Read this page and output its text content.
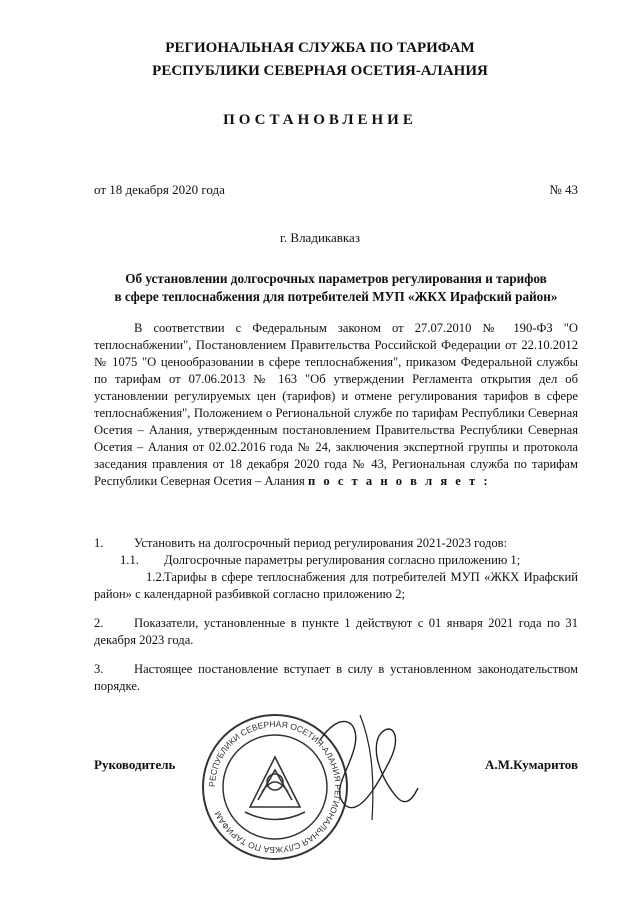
РЕГИОНАЛЬНАЯ СЛУЖБА ПО ТАРИФАМ
РЕСПУБЛИКИ СЕВЕРНАЯ ОСЕТИЯ-АЛАНИЯ
ПОСТАНОВЛЕНИЕ
от 18 декабря 2020 года	№ 43
г. Владикавказ
Об установлении долгосрочных параметров регулирования и тарифов
в сфере теплоснабжения для потребителей МУП «ЖКХ Ирафский район»
В соответствии с Федеральным законом от 27.07.2010 № 190-ФЗ "О теплоснабжении", Постановлением Правительства Российской Федерации от 22.10.2012 № 1075 "О ценообразовании в сфере теплоснабжения", приказом Федеральной службы по тарифам от 07.06.2013 № 163 "Об утверждении Регламента открытия дел об установлении регулируемых цен (тарифов) и отмене регулирования тарифов в сфере теплоснабжения", Положением о Региональной службе по тарифам Республики Северная Осетия – Алания, утвержденным постановлением Правительства Республики Северная Осетия – Алания от 02.02.2016 года № 24, заключения экспертной группы и протокола заседания правления от 18 декабря 2020 года № 43, Региональная служба по тарифам Республики Северная Осетия – Алания п о с т а н о в л я е т :
1. Установить на долгосрочный период регулирования 2021-2023 годов:
1.1. Долгосрочные параметры регулирования согласно приложению 1;
1.2.Тарифы в сфере теплоснабжения для потребителей МУП «ЖКХ Ирафский район» с календарной разбивкой согласно приложению 2;
2. Показатели, установленные в пункте 1 действуют с 01 января 2021 года по 31 декабря 2023 года.
3. Настоящее постановление вступает в силу в установленном законодательством порядке.
РЕСПУБЛИКИ СЕВЕРНАЯ ОСЕТИЯ-АЛАНИЯ РЕГИОНАЛЬНАЯ СЛУЖБА ПО ТАРИФАМ
Руководитель	А.М.Кумаритов
